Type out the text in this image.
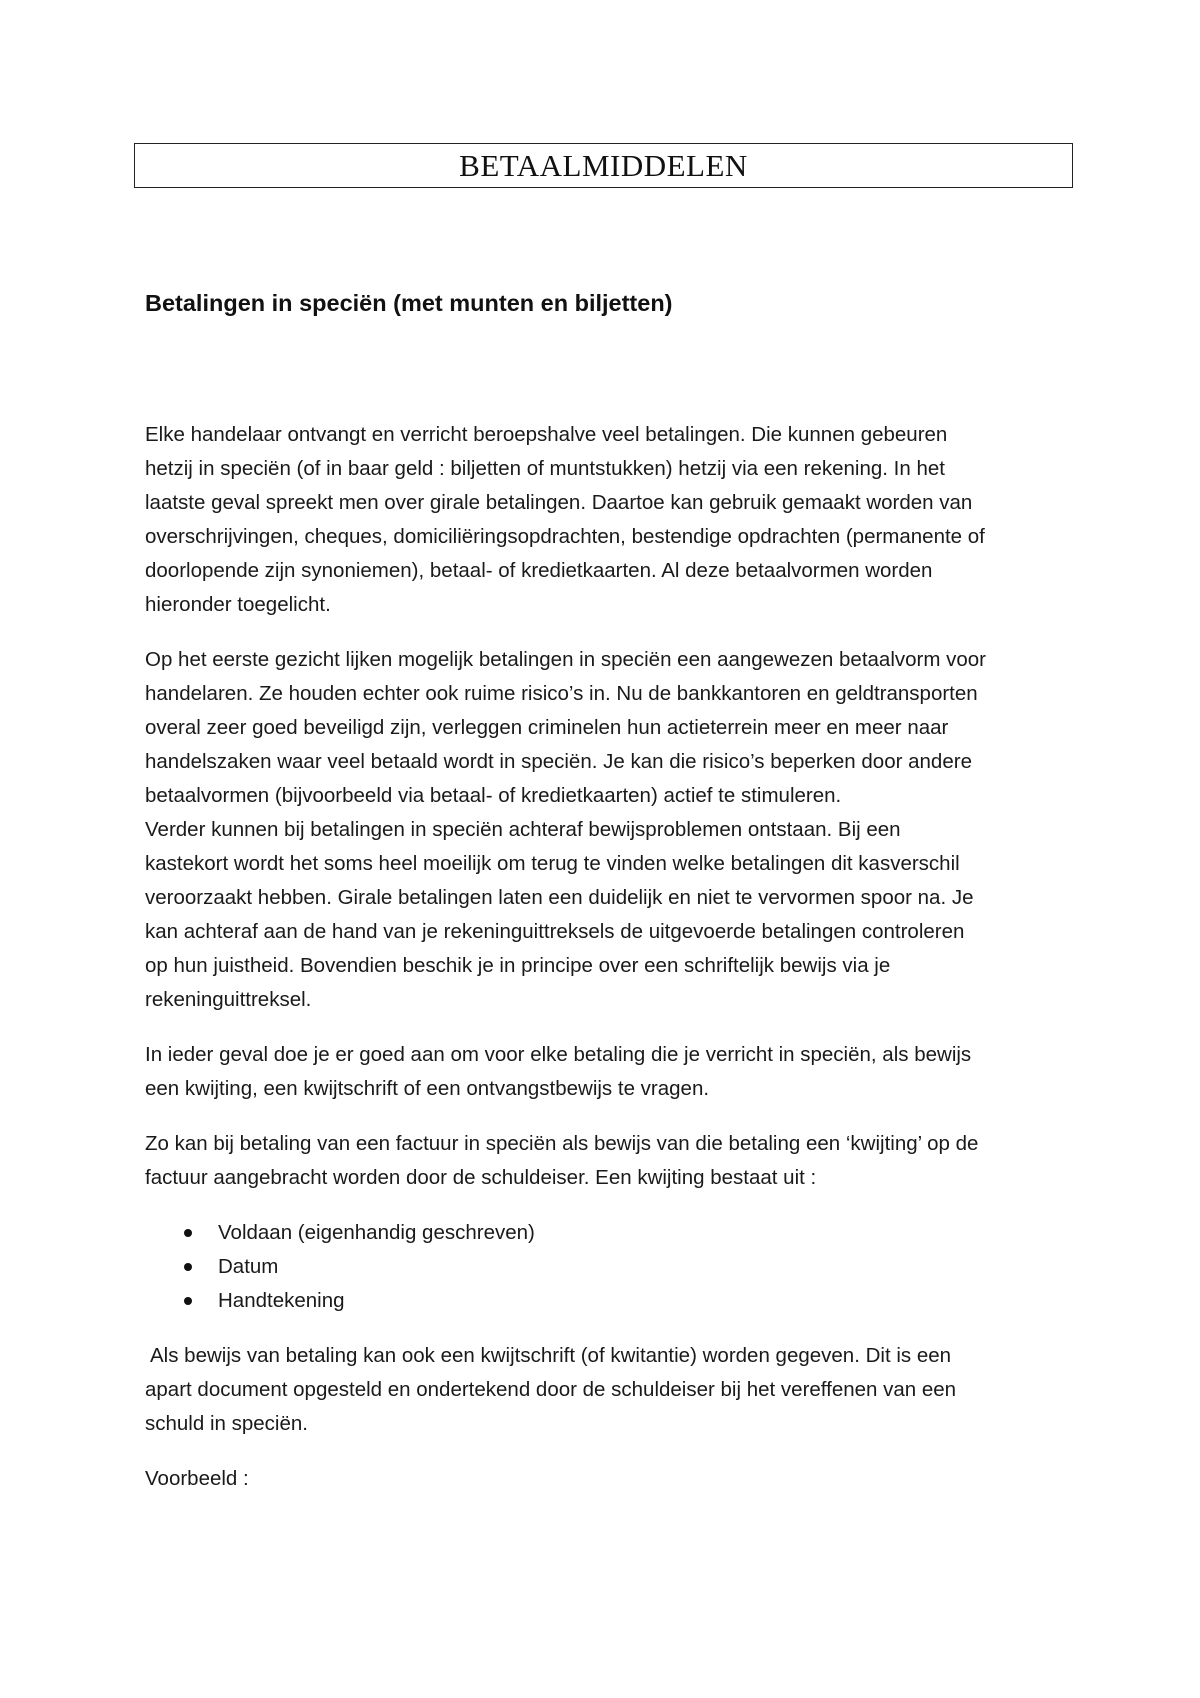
BETAALMIDDELEN
Betalingen in speciën (met munten en biljetten)

Elke handelaar ontvangt en verricht beroepshalve veel betalingen. Die kunnen gebeuren
hetzij in speciën (of in baar geld : biljetten of muntstukken) hetzij via een rekening. In het
laatste geval spreekt men over girale betalingen. Daartoe kan gebruik gemaakt worden van
overschrijvingen, cheques, domiciliëringsopdrachten, bestendige opdrachten (permanente of
doorlopende zijn synoniemen), betaal- of kredietkaarten. Al deze betaalvormen worden
hieronder toegelicht.

Op het eerste gezicht lijken mogelijk betalingen in speciën een aangewezen betaalvorm voor
handelaren. Ze houden echter ook ruime risico’s in. Nu de bankkantoren en geldtransporten
overal zeer goed beveiligd zijn, verleggen criminelen hun actieterrein meer en meer naar
handelszaken waar veel betaald wordt in speciën. Je kan die risico’s beperken door andere
betaalvormen (bijvoorbeeld via betaal- of kredietkaarten) actief te stimuleren.
Verder kunnen bij betalingen in speciën achteraf bewijsproblemen ontstaan. Bij een
kastekort wordt het soms heel moeilijk om terug te vinden welke betalingen dit kasverschil
veroorzaakt hebben. Girale betalingen laten een duidelijk en niet te vervormen spoor na. Je
kan achteraf aan de hand van je rekeninguittreksels de uitgevoerde betalingen controleren
op hun juistheid. Bovendien beschik je in principe over een schriftelijk bewijs via je
rekeninguittreksel.

In ieder geval doe je er goed aan om voor elke betaling die je verricht in speciën, als bewijs
een kwijting, een kwijtschrift of een ontvangstbewijs te vragen.

Zo kan bij betaling van een factuur in speciën als bewijs van die betaling een ‘kwijting’ op de
factuur aangebracht worden door de schuldeiser. Een kwijting bestaat uit :

Voldaan (eigenhandig geschreven)
Datum
Handtekening

Als bewijs van betaling kan ook een kwijtschrift (of kwitantie) worden gegeven. Dit is een
apart document opgesteld en ondertekend door de schuldeiser bij het vereffenen van een
schuld in speciën.

Voorbeeld :
